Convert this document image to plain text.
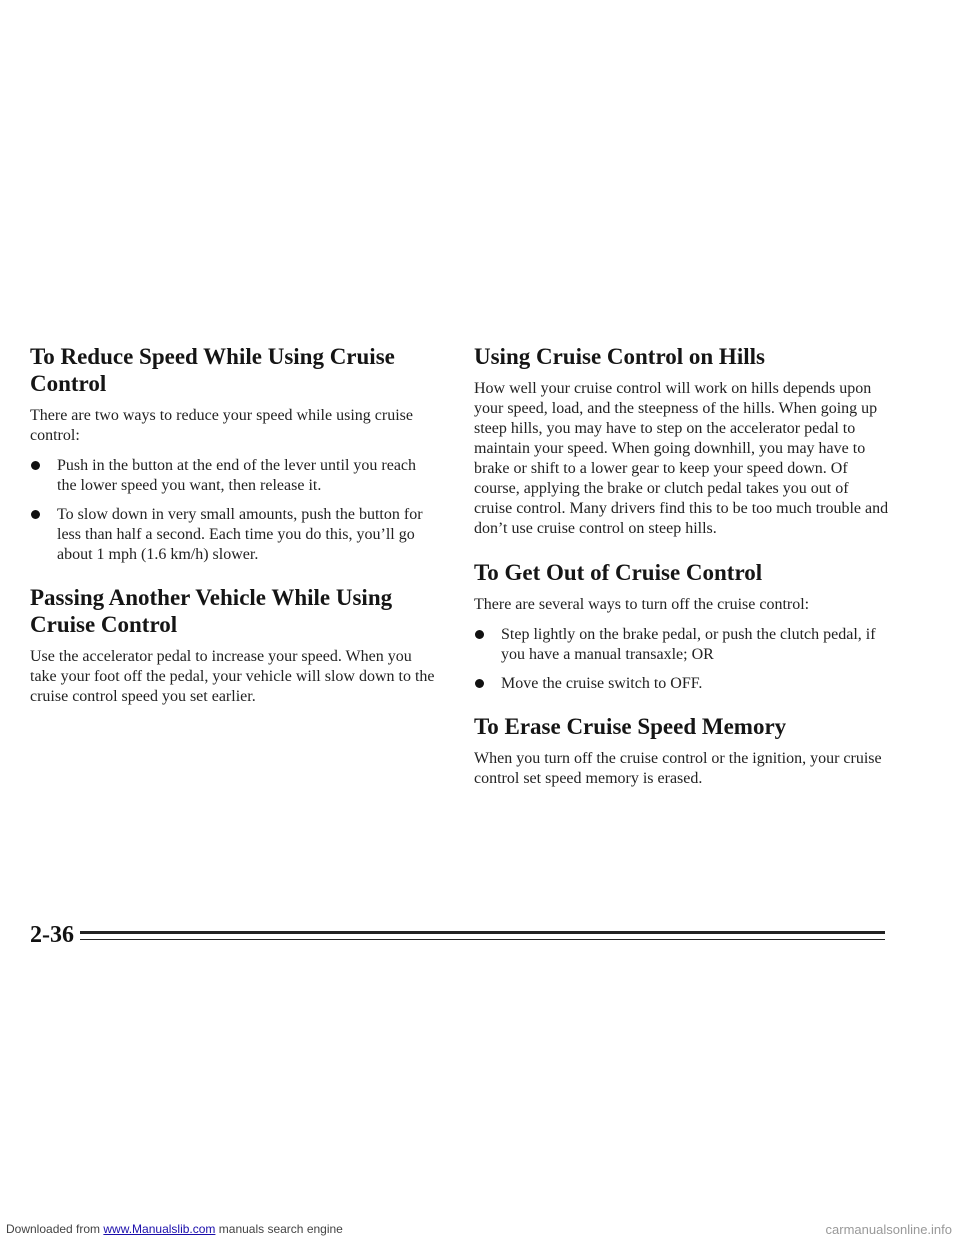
To Reduce Speed While Using Cruise Control

There are two ways to reduce your speed while using cruise control:

Push in the button at the end of the lever until you reach the lower speed you want, then release it.
To slow down in very small amounts, push the button for less than half a second. Each time you do this, you’ll go about 1 mph (1.6 km/h) slower.
Passing Another Vehicle While Using Cruise Control

Use the accelerator pedal to increase your speed. When you take your foot off the pedal, your vehicle will slow down to the cruise control speed you set earlier.

Using Cruise Control on Hills

How well your cruise control will work on hills depends upon your speed, load, and the steepness of the hills. When going up steep hills, you may have to step on the accelerator pedal to maintain your speed. When going downhill, you may have to brake or shift to a lower gear to keep your speed down. Of course, applying the brake or clutch pedal takes you out of cruise control. Many drivers find this to be too much trouble and don’t use cruise control on steep hills.

To Get Out of Cruise Control

There are several ways to turn off the cruise control:

Step lightly on the brake pedal, or push the clutch pedal, if you have a manual transaxle; OR
Move the cruise switch to OFF.
To Erase Cruise Speed Memory

When you turn off the cruise control or the ignition, your cruise control set speed memory is erased.

2-36
Downloaded from www.Manualslib.com manuals search engine	carmanualsonline.info
